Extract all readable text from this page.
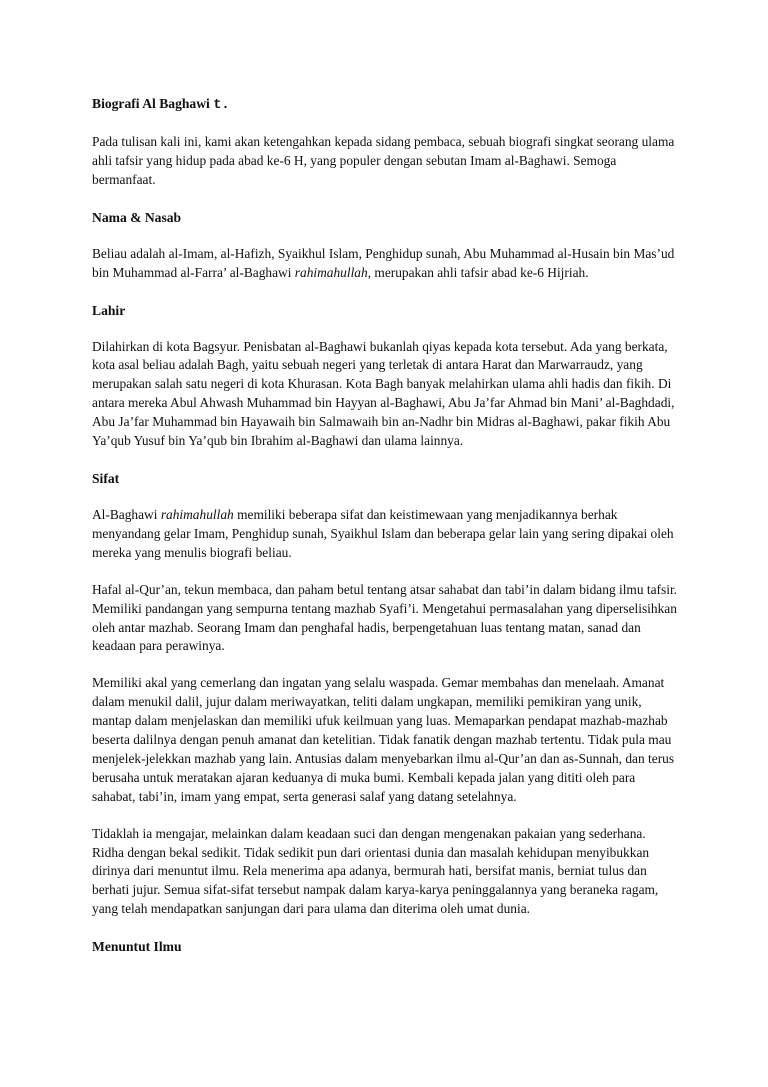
Biografi Al Baghawi t.

Pada tulisan kali ini, kami akan ketengahkan kepada sidang pembaca, sebuah biografi singkat seorang ulama ahli tafsir yang hidup pada abad ke-6 H, yang populer dengan sebutan Imam al-Baghawi. Semoga bermanfaat.

Nama & Nasab

Beliau adalah al-Imam, al-Hafizh, Syaikhul Islam, Penghidup sunah, Abu Muhammad al-Husain bin Mas’ud bin Muhammad al-Farra’ al-Baghawi rahimahullah, merupakan ahli tafsir abad ke-6 Hijriah.

Lahir

Dilahirkan di kota Bagsyur. Penisbatan al-Baghawi bukanlah qiyas kepada kota tersebut. Ada yang berkata, kota asal beliau adalah Bagh, yaitu sebuah negeri yang terletak di antara Harat dan Marwarraudz, yang merupakan salah satu negeri di kota Khurasan. Kota Bagh banyak melahirkan ulama ahli hadis dan fikih. Di antara mereka Abul Ahwash Muhammad bin Hayyan al-Baghawi, Abu Ja’far Ahmad bin Mani’ al-Baghdadi, Abu Ja’far Muhammad bin Hayawaih bin Salmawaih bin an-Nadhr bin Midras al-Baghawi, pakar fikih Abu Ya’qub Yusuf bin Ya’qub bin Ibrahim al-Baghawi dan ulama lainnya.

Sifat

Al-Baghawi rahimahullah memiliki beberapa sifat dan keistimewaan yang menjadikannya berhak menyandang gelar Imam, Penghidup sunah, Syaikhul Islam dan beberapa gelar lain yang sering dipakai oleh mereka yang menulis biografi beliau.

Hafal al-Qur’an, tekun membaca, dan paham betul tentang atsar sahabat dan tabi’in dalam bidang ilmu tafsir. Memiliki pandangan yang sempurna tentang mazhab Syafi’i. Mengetahui permasalahan yang diperselisihkan oleh antar mazhab. Seorang Imam dan penghafal hadis, berpengetahuan luas tentang matan, sanad dan keadaan para perawinya.

Memiliki akal yang cemerlang dan ingatan yang selalu waspada. Gemar membahas dan menelaah. Amanat dalam menukil dalil, jujur dalam meriwayatkan, teliti dalam ungkapan, memiliki pemikiran yang unik, mantap dalam menjelaskan dan memiliki ufuk keilmuan yang luas. Memaparkan pendapat mazhab-mazhab beserta dalilnya dengan penuh amanat dan ketelitian. Tidak fanatik dengan mazhab tertentu. Tidak pula mau menjelek-jelekkan mazhab yang lain. Antusias dalam menyebarkan ilmu al-Qur’an dan as-Sunnah, dan terus berusaha untuk meratakan ajaran keduanya di muka bumi. Kembali kepada jalan yang dititi oleh para sahabat, tabi’in, imam yang empat, serta generasi salaf yang datang setelahnya.

Tidaklah ia mengajar, melainkan dalam keadaan suci dan dengan mengenakan pakaian yang sederhana. Ridha dengan bekal sedikit. Tidak sedikit pun dari orientasi dunia dan masalah kehidupan menyibukkan dirinya dari menuntut ilmu. Rela menerima apa adanya, bermurah hati, bersifat manis, berniat tulus dan berhati jujur. Semua sifat-sifat tersebut nampak dalam karya-karya peninggalannya yang beraneka ragam, yang telah mendapatkan sanjungan dari para ulama dan diterima oleh umat dunia.

Menuntut Ilmu
